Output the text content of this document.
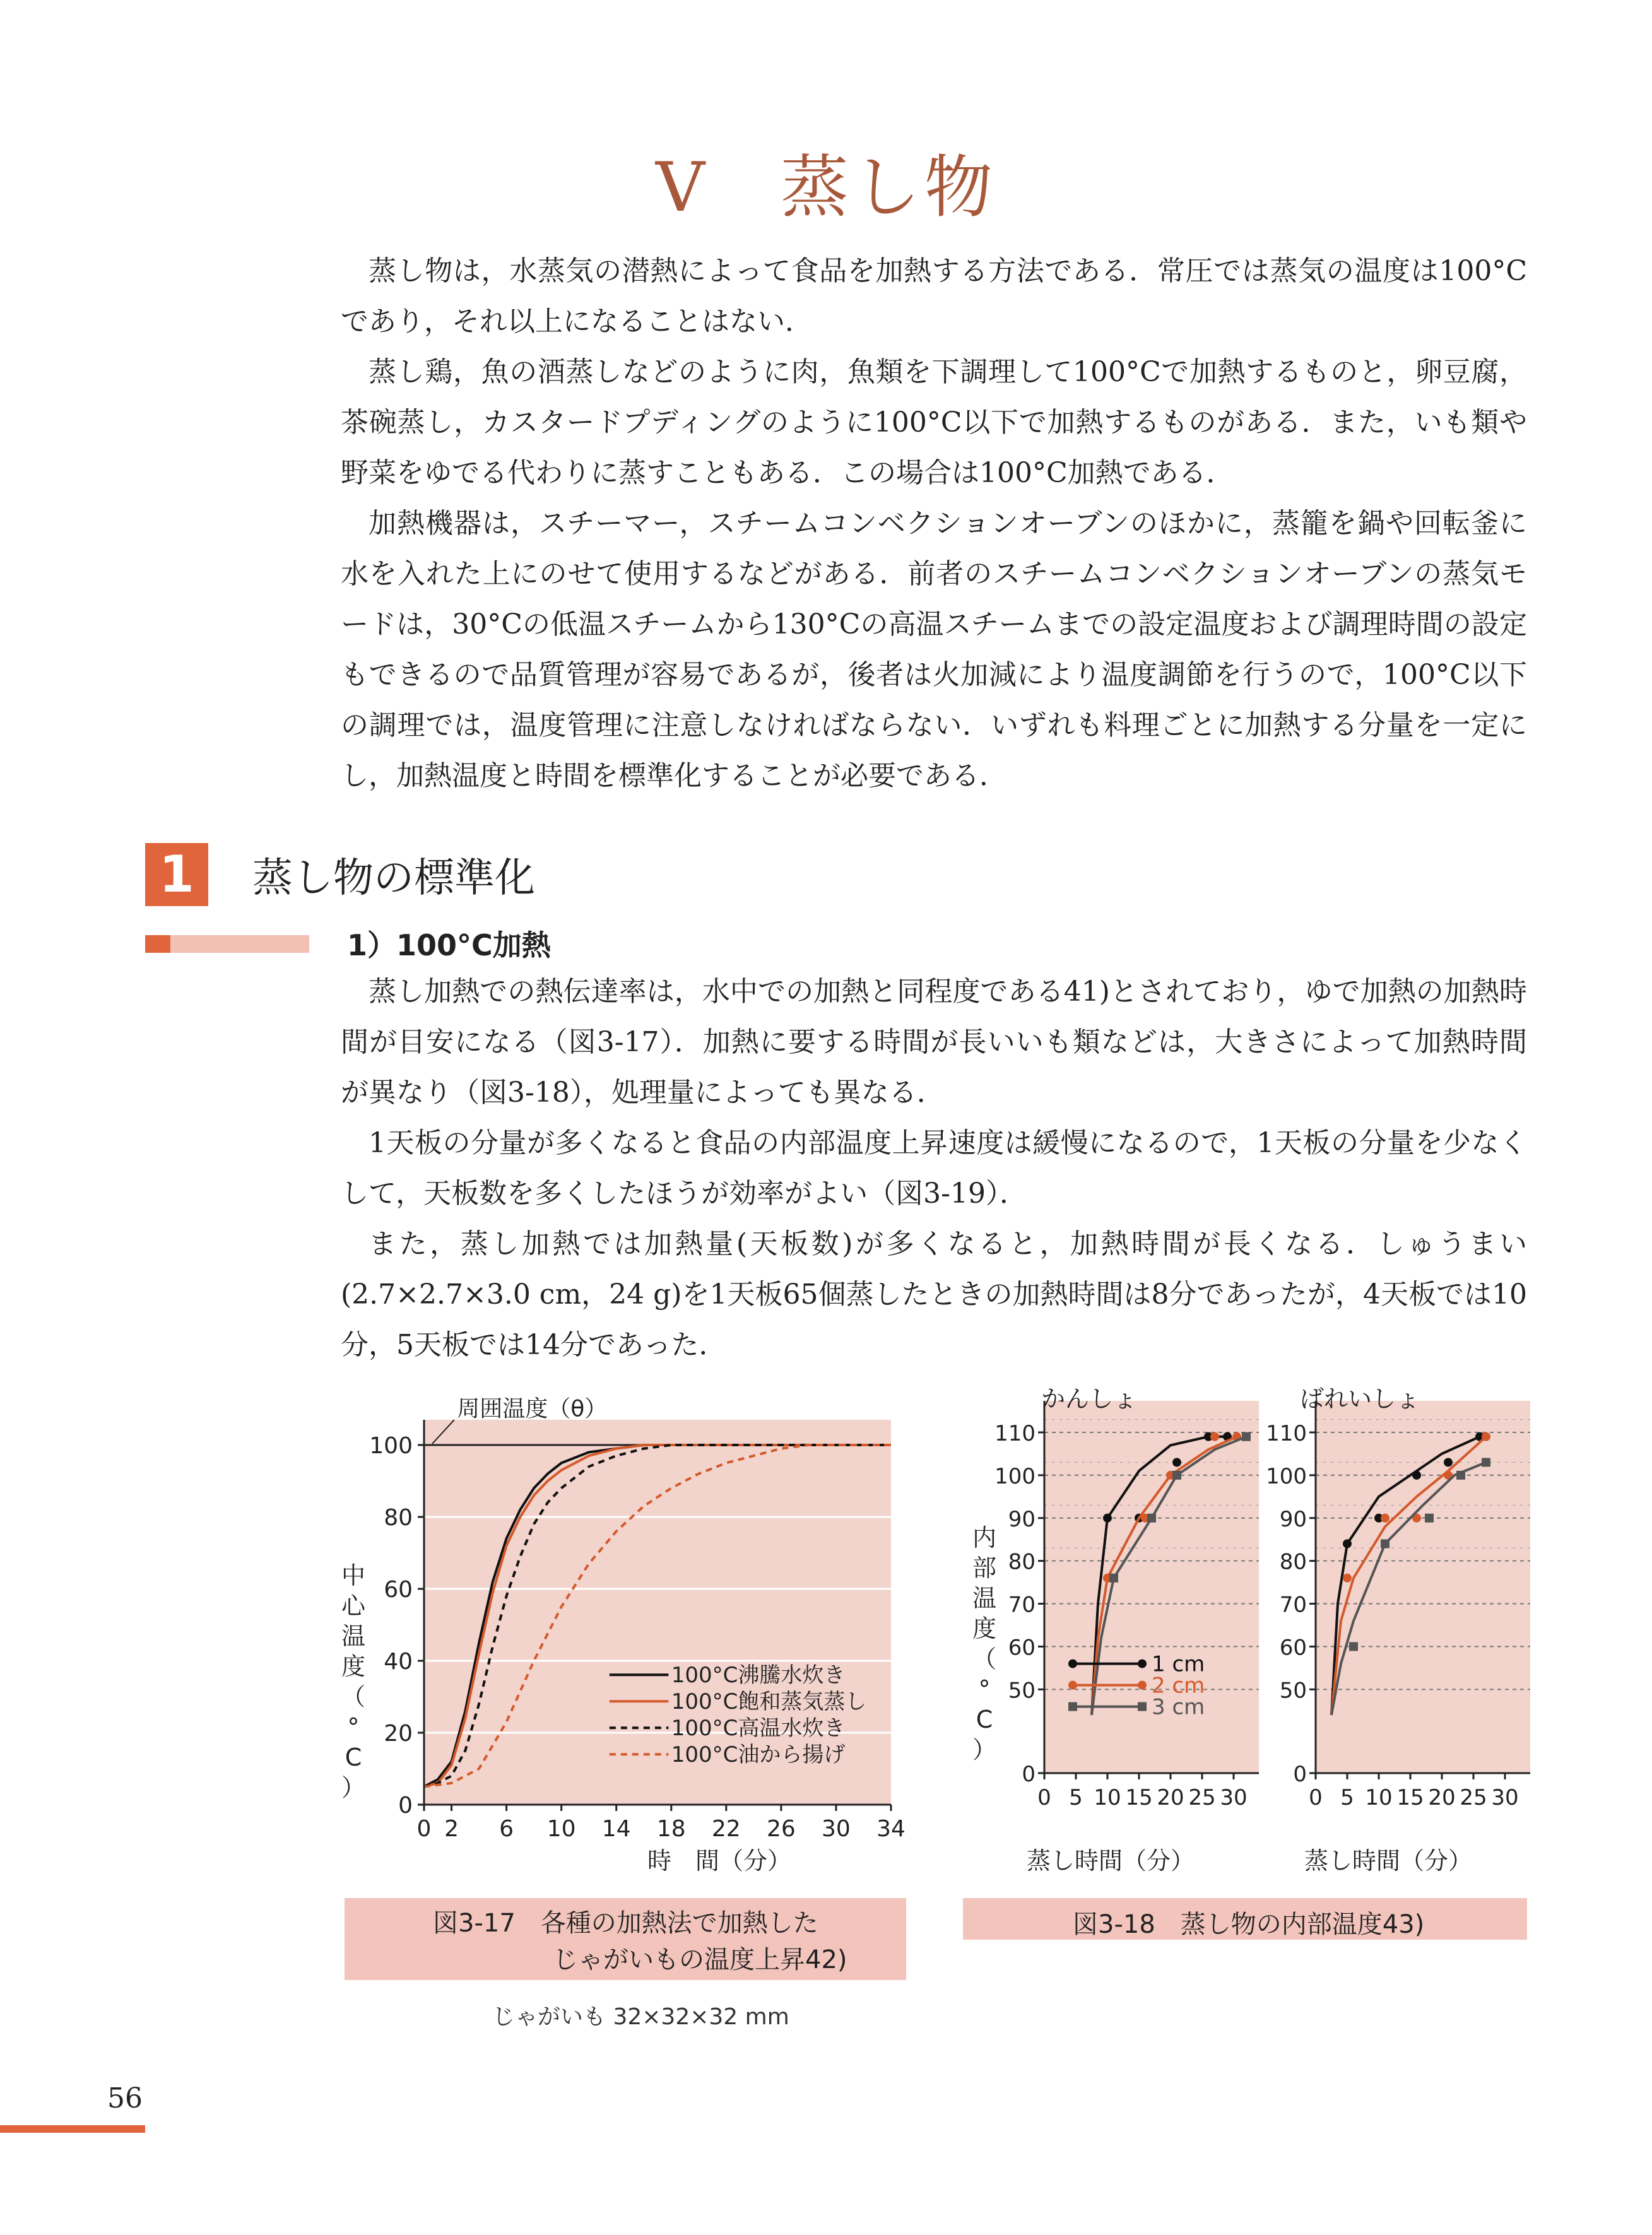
V　蒸し物

蒸し物は，水蒸気の潜熱によって食品を加熱する方法である．常圧では蒸気の温度は100°Cであり，それ以上になることはない．

蒸し鶏，魚の酒蒸しなどのように肉，魚類を下調理して100°Cで加熱するものと，卵豆腐，茶碗蒸し，カスタードプディングのように100°C以下で加熱するものがある．また，いも類や野菜をゆでる代わりに蒸すこともある．この場合は100°C加熱である．

加熱機器は，スチーマー，スチームコンベクションオーブンのほかに，蒸籠を鍋や回転釜に水を入れた上にのせて使用するなどがある．前者のスチームコンベクションオーブンの蒸気モードは，30°Cの低温スチームから130°Cの高温スチームまでの設定温度および調理時間の設定もできるので品質管理が容易であるが，後者は火加減により温度調節を行うので，100°C以下の調理では，温度管理に注意しなければならない．いずれも料理ごとに加熱する分量を一定にし，加熱温度と時間を標準化することが必要である．

1	蒸し物の標準化
1）100°C加熱

蒸し加熱での熱伝達率は，水中での加熱と同程度である41)とされており，ゆで加熱の加熱時間が目安になる（図3-17）．加熱に要する時間が長いいも類などは，大きさによって加熱時間が異なり（図3-18），処理量によっても異なる．

1天板の分量が多くなると食品の内部温度上昇速度は緩慢になるので，1天板の分量を少なくして，天板数を多くしたほうが効率がよい（図3-19）．

また，蒸し加熱では加熱量(天板数)が多くなると，加熱時間が長くなる．しゅうまい(2.7×2.7×3.0 cm，24 g)を1天板65個蒸したときの加熱時間は8分であったが，4天板では10分，5天板では14分であった．

0
20
40
60
80
100
0 2 6 10 14 18 22 26 30 34
100°C沸騰水炊き
100°C飽和蒸気蒸し
100°C高温水炊き
100°C油から揚げ
中心温度（° C ）
時　間（分）
周囲温度（θ）
図3-17　各種の加熱法で加熱した
じゃがいもの温度上昇42)
じゃがいも 32×32×32 mm
0
50
60
70
80
90
100
110
0 5 10 15 20 25 30
0
50
60
70
80
90
100
110
0 5 10 15 20 25 30
1 cm
2 cm
3 cm
内部温度（° C ）
かんしょ	ばれいしょ
蒸し時間（分）	蒸し時間（分）
図3-18　蒸し物の内部温度43)
56
